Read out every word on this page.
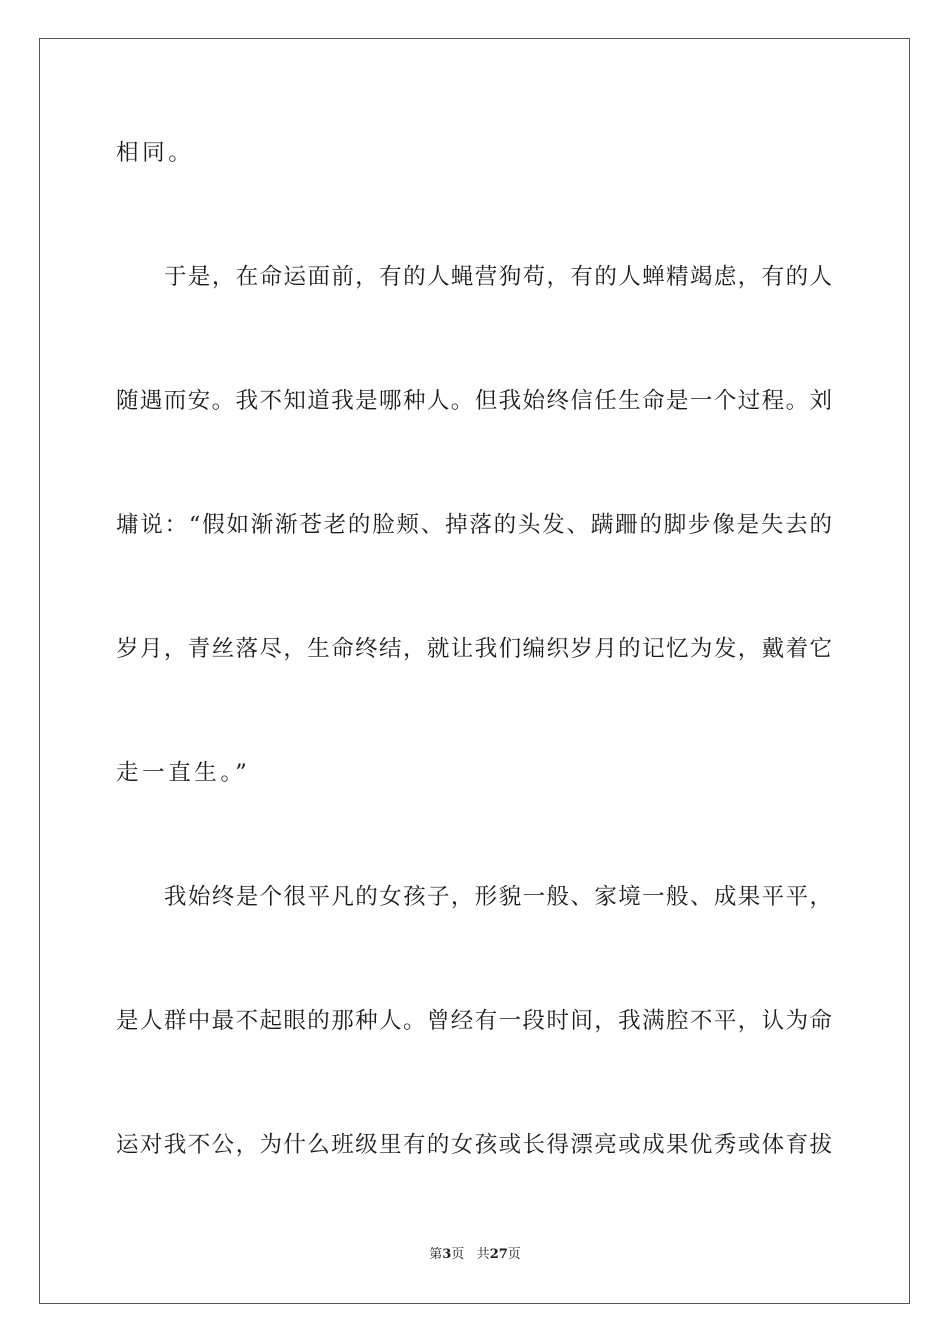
相同。
于是，在命运面前，有的人蝇营狗苟，有的人蝉精竭虑，有的人
随遇而安。我不知道我是哪种人。但我始终信任生命是一个过程。刘
墉说：“假如渐渐苍老的脸颊、掉落的头发、蹒跚的脚步像是失去的
岁月，青丝落尽，生命终结，就让我们编织岁月的记忆为发，戴着它
走一直生。”
我始终是个很平凡的女孩子，形貌一般、家境一般、成果平平，
是人群中最不起眼的那种人。曾经有一段时间，我满腔不平，认为命
运对我不公，为什么班级里有的女孩或长得漂亮或成果优秀或体育拔
第3页 共27页
